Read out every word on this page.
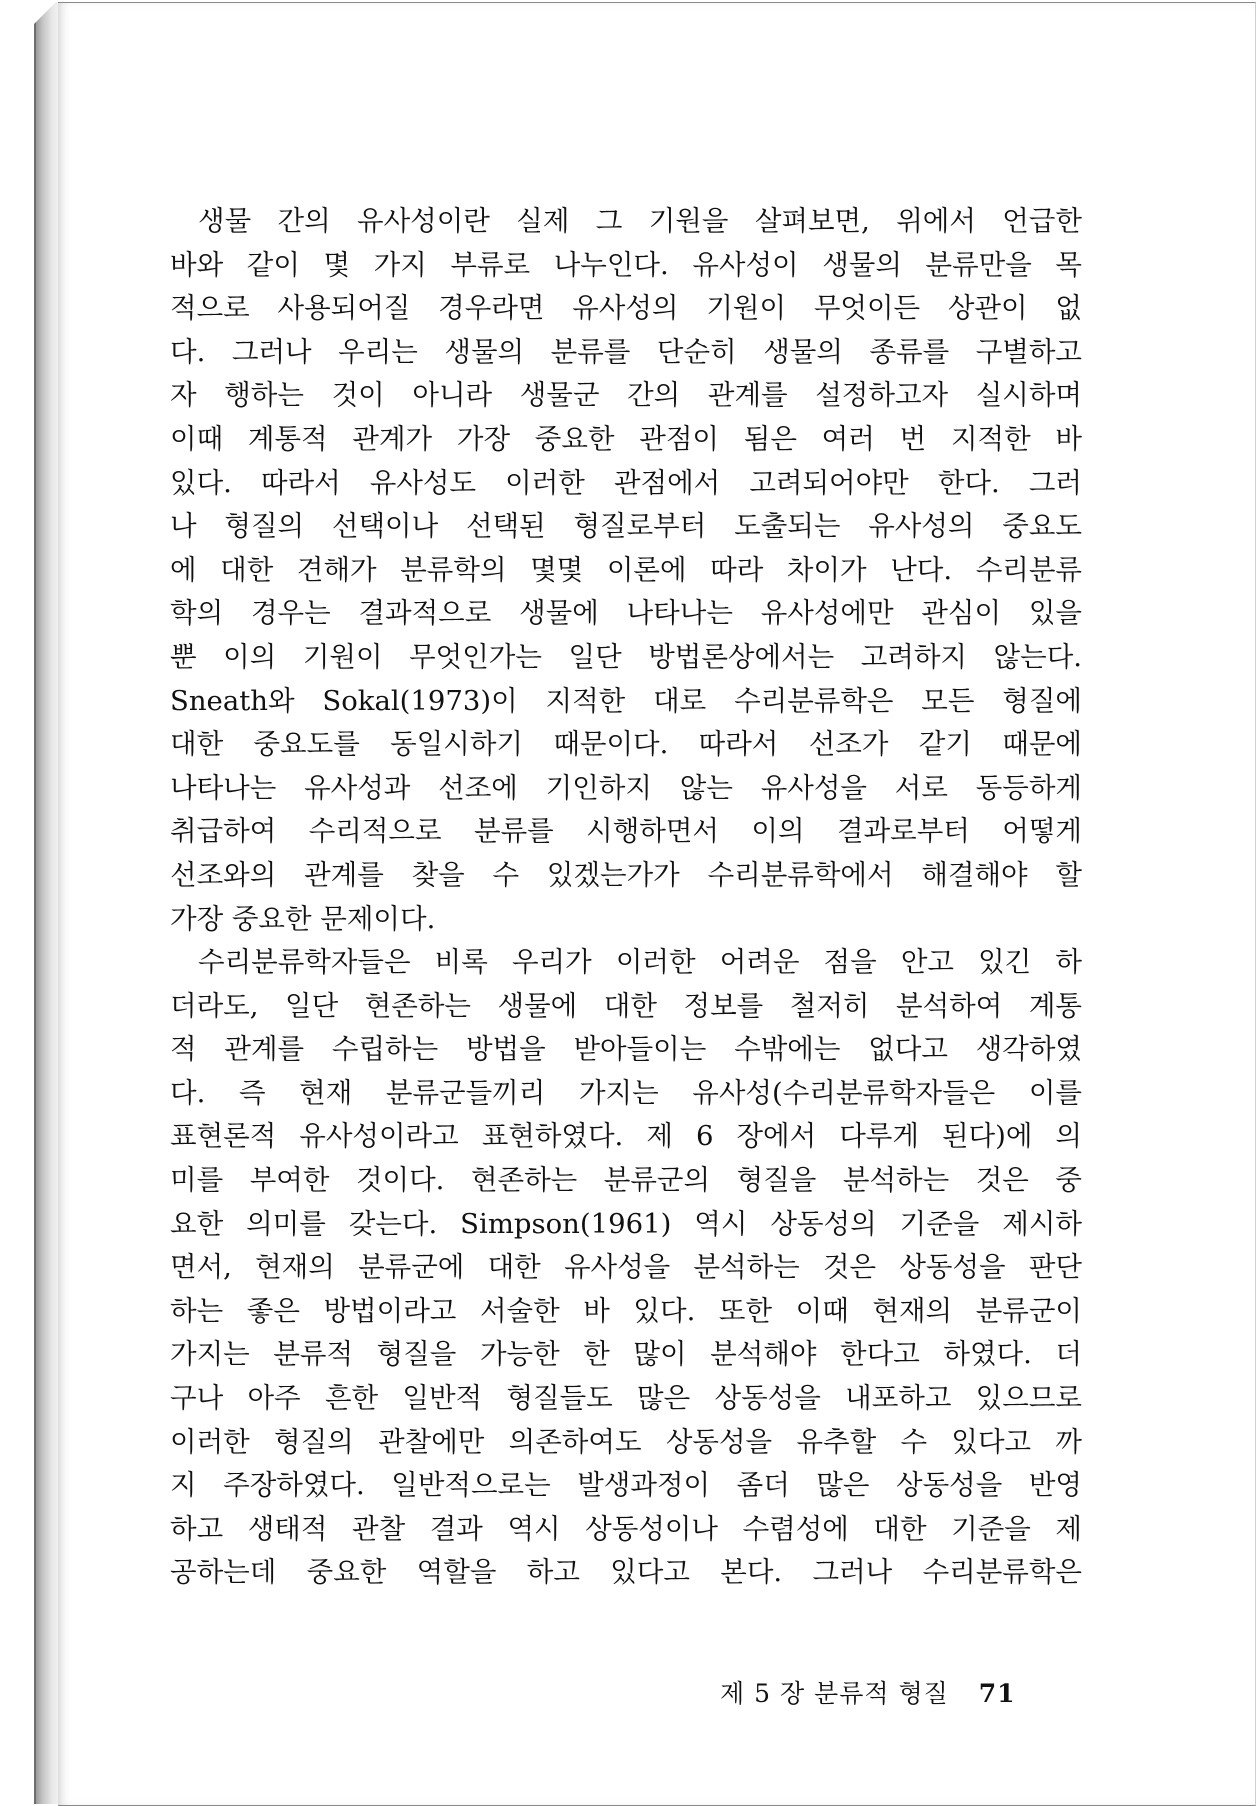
생물 간의 유사성이란 실제 그 기원을 살펴보면, 위에서 언급한
바와 같이 몇 가지 부류로 나누인다. 유사성이 생물의 분류만을 목
적으로 사용되어질 경우라면 유사성의 기원이 무엇이든 상관이 없
다. 그러나 우리는 생물의 분류를 단순히 생물의 종류를 구별하고
자 행하는 것이 아니라 생물군 간의 관계를 설정하고자 실시하며
이때 계통적 관계가 가장 중요한 관점이 됨은 여러 번 지적한 바
있다. 따라서 유사성도 이러한 관점에서 고려되어야만 한다. 그러
나 형질의 선택이나 선택된 형질로부터 도출되는 유사성의 중요도
에 대한 견해가 분류학의 몇몇 이론에 따라 차이가 난다. 수리분류
학의 경우는 결과적으로 생물에 나타나는 유사성에만 관심이 있을
뿐 이의 기원이 무엇인가는 일단 방법론상에서는 고려하지 않는다.
Sneath와 Sokal(1973)이 지적한 대로 수리분류학은 모든 형질에
대한 중요도를 동일시하기 때문이다. 따라서 선조가 같기 때문에
나타나는 유사성과 선조에 기인하지 않는 유사성을 서로 동등하게
취급하여 수리적으로 분류를 시행하면서 이의 결과로부터 어떻게
선조와의 관계를 찾을 수 있겠는가가 수리분류학에서 해결해야 할
가장 중요한 문제이다.
수리분류학자들은 비록 우리가 이러한 어려운 점을 안고 있긴 하
더라도, 일단 현존하는 생물에 대한 정보를 철저히 분석하여 계통
적 관계를 수립하는 방법을 받아들이는 수밖에는 없다고 생각하였
다. 즉 현재 분류군들끼리 가지는 유사성(수리분류학자들은 이를
표현론적 유사성이라고 표현하였다. 제 6 장에서 다루게 된다)에 의
미를 부여한 것이다. 현존하는 분류군의 형질을 분석하는 것은 중
요한 의미를 갖는다. Simpson(1961) 역시 상동성의 기준을 제시하
면서, 현재의 분류군에 대한 유사성을 분석하는 것은 상동성을 판단
하는 좋은 방법이라고 서술한 바 있다. 또한 이때 현재의 분류군이
가지는 분류적 형질을 가능한 한 많이 분석해야 한다고 하였다. 더
구나 아주 흔한 일반적 형질들도 많은 상동성을 내포하고 있으므로
이러한 형질의 관찰에만 의존하여도 상동성을 유추할 수 있다고 까
지 주장하였다. 일반적으로는 발생과정이 좀더 많은 상동성을 반영
하고 생태적 관찰 결과 역시 상동성이나 수렴성에 대한 기준을 제
공하는데 중요한 역할을 하고 있다고 본다. 그러나 수리분류학은
제 5 장 분류적 형질 71
